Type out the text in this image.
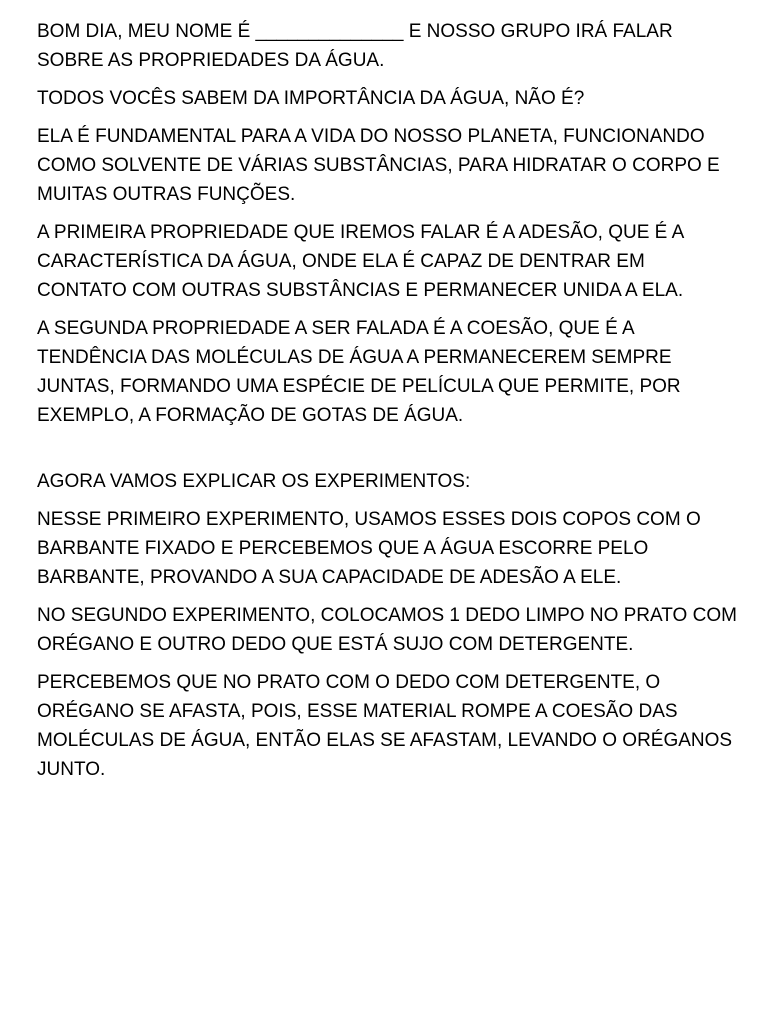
BOM DIA, MEU NOME É ______________ E NOSSO GRUPO IRÁ FALAR SOBRE AS PROPRIEDADES DA ÁGUA.

TODOS VOCÊS SABEM DA IMPORTÂNCIA DA ÁGUA, NÃO É?

ELA É FUNDAMENTAL PARA A VIDA DO NOSSO PLANETA, FUNCIONANDO COMO SOLVENTE DE VÁRIAS SUBSTÂNCIAS, PARA HIDRATAR O CORPO E MUITAS OUTRAS FUNÇÕES.

A PRIMEIRA PROPRIEDADE QUE IREMOS FALAR É A ADESÃO, QUE É A CARACTERÍSTICA DA ÁGUA, ONDE ELA É CAPAZ DE DENTRAR EM CONTATO COM OUTRAS SUBSTÂNCIAS E PERMANECER UNIDA A ELA.

A SEGUNDA PROPRIEDADE A SER FALADA É A COESÃO, QUE É A TENDÊNCIA DAS MOLÉCULAS DE ÁGUA A PERMANECEREM SEMPRE JUNTAS, FORMANDO UMA ESPÉCIE DE PELÍCULA QUE PERMITE, POR EXEMPLO, A FORMAÇÃO DE GOTAS DE ÁGUA.

AGORA VAMOS EXPLICAR OS EXPERIMENTOS:

NESSE PRIMEIRO EXPERIMENTO, USAMOS ESSES DOIS COPOS COM O BARBANTE FIXADO E PERCEBEMOS QUE A ÁGUA ESCORRE PELO BARBANTE, PROVANDO A SUA CAPACIDADE DE ADESÃO A ELE.

NO SEGUNDO EXPERIMENTO, COLOCAMOS 1 DEDO LIMPO NO PRATO COM ORÉGANO E OUTRO DEDO QUE ESTÁ SUJO COM DETERGENTE.

PERCEBEMOS QUE NO PRATO COM O DEDO COM DETERGENTE, O ORÉGANO SE AFASTA, POIS, ESSE MATERIAL ROMPE A COESÃO DAS MOLÉCULAS DE ÁGUA, ENTÃO ELAS SE AFASTAM, LEVANDO O ORÉGANOS JUNTO.
